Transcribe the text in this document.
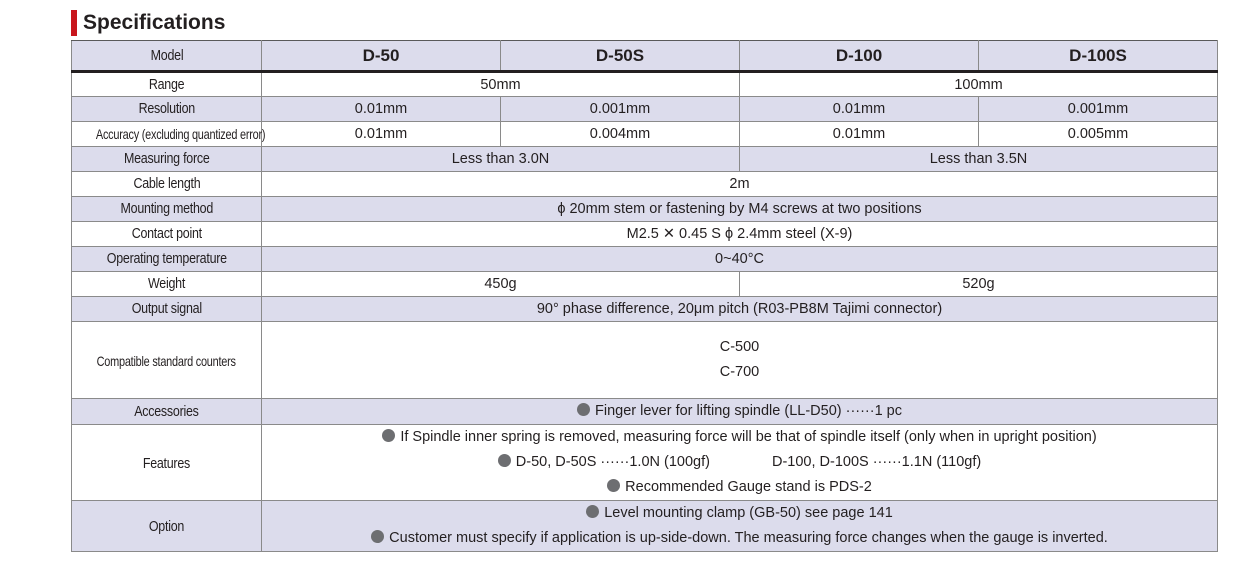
Specifications
Model	D-50	D-50S	D-100	D-100S
Range	50mm		100mm	
Resolution	0.01mm	0.001mm	0.01mm	0.001mm
Accuracy (excluding quantized error)	0.01mm	0.004mm	0.01mm	0.005mm
Measuring force	Less than 3.0N		Less than 3.5N	
Cable length	2m			
Mounting method	ϕ 20mm stem or fastening by M4 screws at two positions			
Contact point	M2.5 ✕ 0.45 S ϕ 2.4mm steel (X-9)			
Operating temperature	0~40°C			
Weight	450g		520g	
Output signal	90° phase difference, 20μm pitch (R03-PB8M Tajimi connector)			

Compatible standard counters	C-500
C-700			

Accessories	Finger lever for lifting spindle (LL-D50) ······1 pc			

Features	If Spindle inner spring is removed, measuring force will be that of spindle itself (only when in upright position)
D-50, D-50S ······1.0N (100gf) D-100, D-100S ······1.1N (110gf)
Recommended Gauge stand is PDS-2			

Option	Level mounting clamp (GB-50) see page 141
Customer must specify if application is up-side-down. The measuring force changes when the gauge is inverted.			
